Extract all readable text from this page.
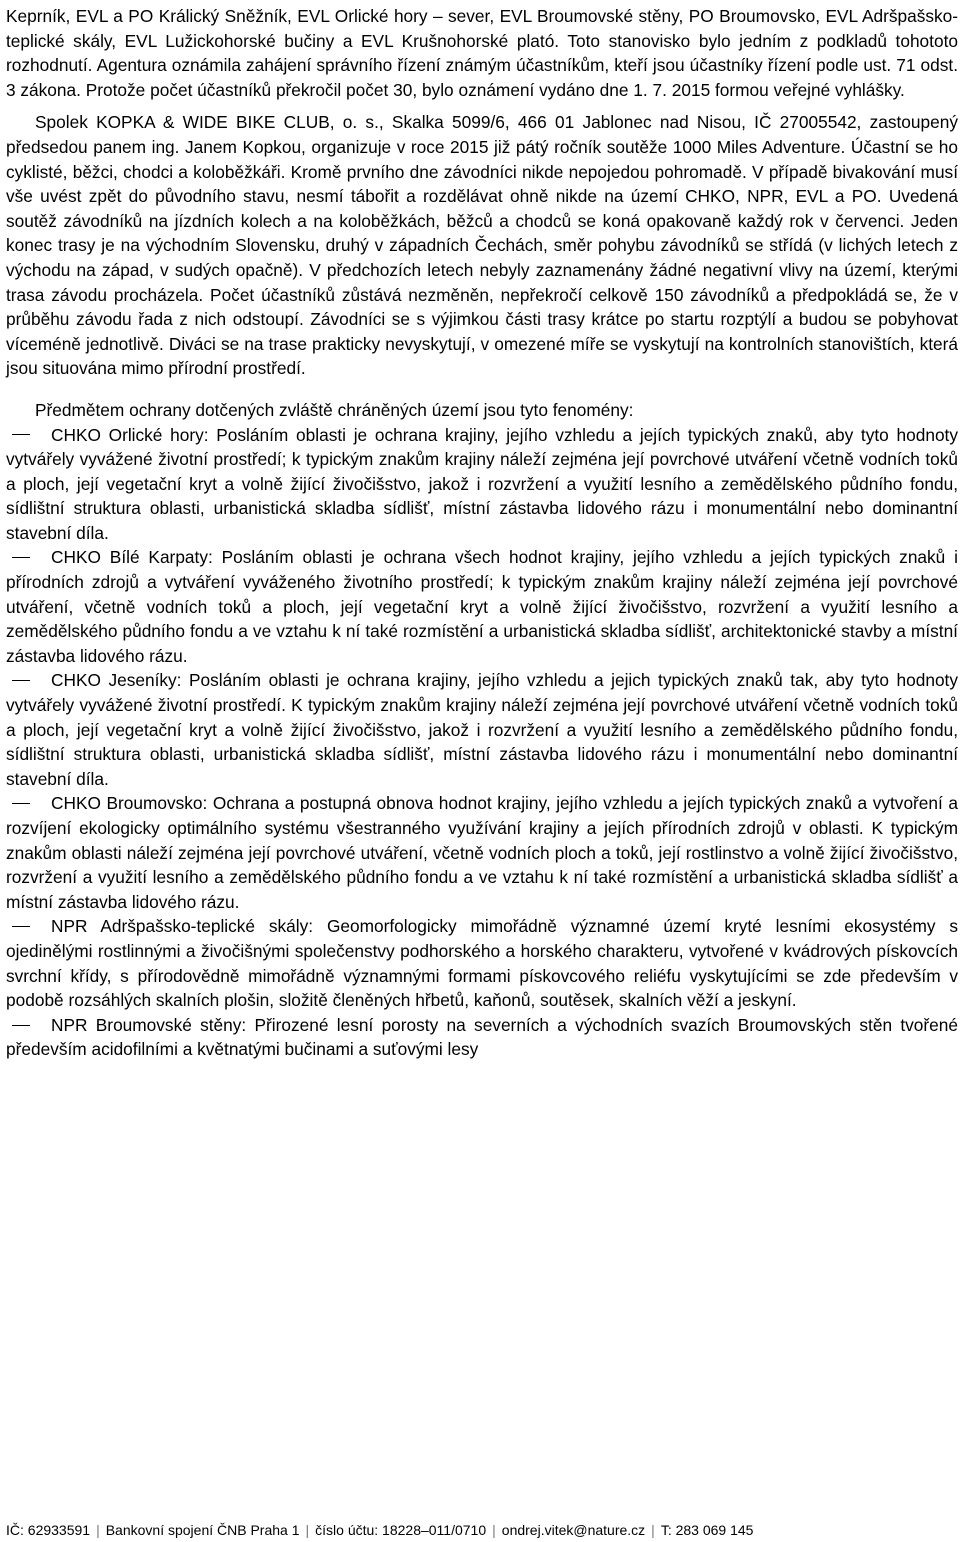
Keprník, EVL a PO Králický Sněžník, EVL Orlické hory – sever, EVL Broumovské stěny, PO Broumovsko, EVL Adršpašsko-teplické skály, EVL Lužickohorské bučiny a EVL Krušnohorské plató. Toto stanovisko bylo jedním z podkladů tohototo rozhodnutí. Agentura oznámila zahájení správního řízení známým účastníkům, kteří jsou účastníky řízení podle ust. 71 odst. 3 zákona. Protože počet účastníků překročil počet 30, bylo oznámení vydáno dne 1. 7. 2015 formou veřejné vyhlášky.

Spolek KOPKA & WIDE BIKE CLUB, o. s., Skalka 5099/6, 466 01 Jablonec nad Nisou, IČ 27005542, zastoupený předsedou panem ing. Janem Kopkou, organizuje v roce 2015 již pátý ročník soutěže 1000 Miles Adventure. Účastní se ho cyklisté, běžci, chodci a koloběžkáři. Kromě prvního dne závodníci nikde nepojedou pohromadě. V případě bivakování musí vše uvést zpět do původního stavu, nesmí tábořit a rozdělávat ohně nikde na území CHKO, NPR, EVL a PO. Uvedená soutěž závodníků na jízdních kolech a na koloběžkách, běžců a chodců se koná opakovaně každý rok v červenci. Jeden konec trasy je na východním Slovensku, druhý v západních Čechách, směr pohybu závodníků se střídá (v lichých letech z východu na západ, v sudých opačně). V předchozích letech nebyly zaznamenány žádné negativní vlivy na území, kterými trasa závodu procházela. Počet účastníků zůstává nezměněn, nepřekročí celkově 150 závodníků a předpokládá se, že v průběhu závodu řada z nich odstoupí. Závodníci se s výjimkou části trasy krátce po startu rozptýlí a budou se pobyhovat víceméně jednotlivě. Diváci se na trase prakticky nevyskytují, v omezené míře se vyskytují na kontrolních stanovištích, která jsou situována mimo přírodní prostředí.

Předmětem ochrany dotčených zvláště chráněných území jsou tyto fenomény:

CHKO Orlické hory: Posláním oblasti je ochrana krajiny, jejího vzhledu a jejích typických znaků, aby tyto hodnoty vytvářely vyvážené životní prostředí; k typickým znakům krajiny náleží zejména její povrchové utváření včetně vodních toků a ploch, její vegetační kryt a volně žijící živočišstvo, jakož i rozvržení a využití lesního a zemědělského půdního fondu, sídlištní struktura oblasti, urbanistická skladba sídlišť, místní zástavba lidového rázu i monumentální nebo dominantní stavební díla.

CHKO Bílé Karpaty: Posláním oblasti je ochrana všech hodnot krajiny, jejího vzhledu a jejích typických znaků i přírodních zdrojů a vytváření vyváženého životního prostředí; k typickým znakům krajiny náleží zejména její povrchové utváření, včetně vodních toků a ploch, její vegetační kryt a volně žijící živočišstvo, rozvržení a využití lesního a zemědělského půdního fondu a ve vztahu k ní také rozmístění a urbanistická skladba sídlišť, architektonické stavby a místní zástavba lidového rázu.

CHKO Jeseníky: Posláním oblasti je ochrana krajiny, jejího vzhledu a jejich typických znaků tak, aby tyto hodnoty vytvářely vyvážené životní prostředí. K typickým znakům krajiny náleží zejména její povrchové utváření včetně vodních toků a ploch, její vegetační kryt a volně žijící živočišstvo, jakož i rozvržení a využití lesního a zemědělského půdního fondu, sídlištní struktura oblasti, urbanistická skladba sídlišť, místní zástavba lidového rázu i monumentální nebo dominantní stavební díla.

CHKO Broumovsko: Ochrana a postupná obnova hodnot krajiny, jejího vzhledu a jejích typických znaků a vytvoření a rozvíjení ekologicky optimálního systému všestranného využívání krajiny a jejích přírodních zdrojů v oblasti. K typickým znakům oblasti náleží zejména její povrchové utváření, včetně vodních ploch a toků, její rostlinstvo a volně žijící živočišstvo, rozvržení a využití lesního a zemědělského půdního fondu a ve vztahu k ní také rozmístění a urbanistická skladba sídlišť a místní zástavba lidového rázu.

NPR Adršpašsko-teplické skály: Geomorfologicky mimořádně významné území kryté lesními ekosystémy s ojedinělými rostlinnými a živočišnými společenstvy podhorského a horského charakteru, vytvořené v kvádrových pískovcích svrchní křídy, s přírodovědně mimořádně významnými formami pískovcového reliéfu vyskytujícími se zde především v podobě rozsáhlých skalních plošin, složitě členěných hřbetů, kaňonů, soutěsek, skalních věží a jeskyní.

NPR Broumovské stěny: Přirozené lesní porosty na severních a východních svazích Broumovských stěn tvořené především acidofilními a květnatými bučinami a suťovými lesy

IČ: 62933591 | Bankovní spojení ČNB Praha 1 | číslo účtu: 18228–011/0710 | ondrej.vitek@nature.cz | T: 283 069 145
